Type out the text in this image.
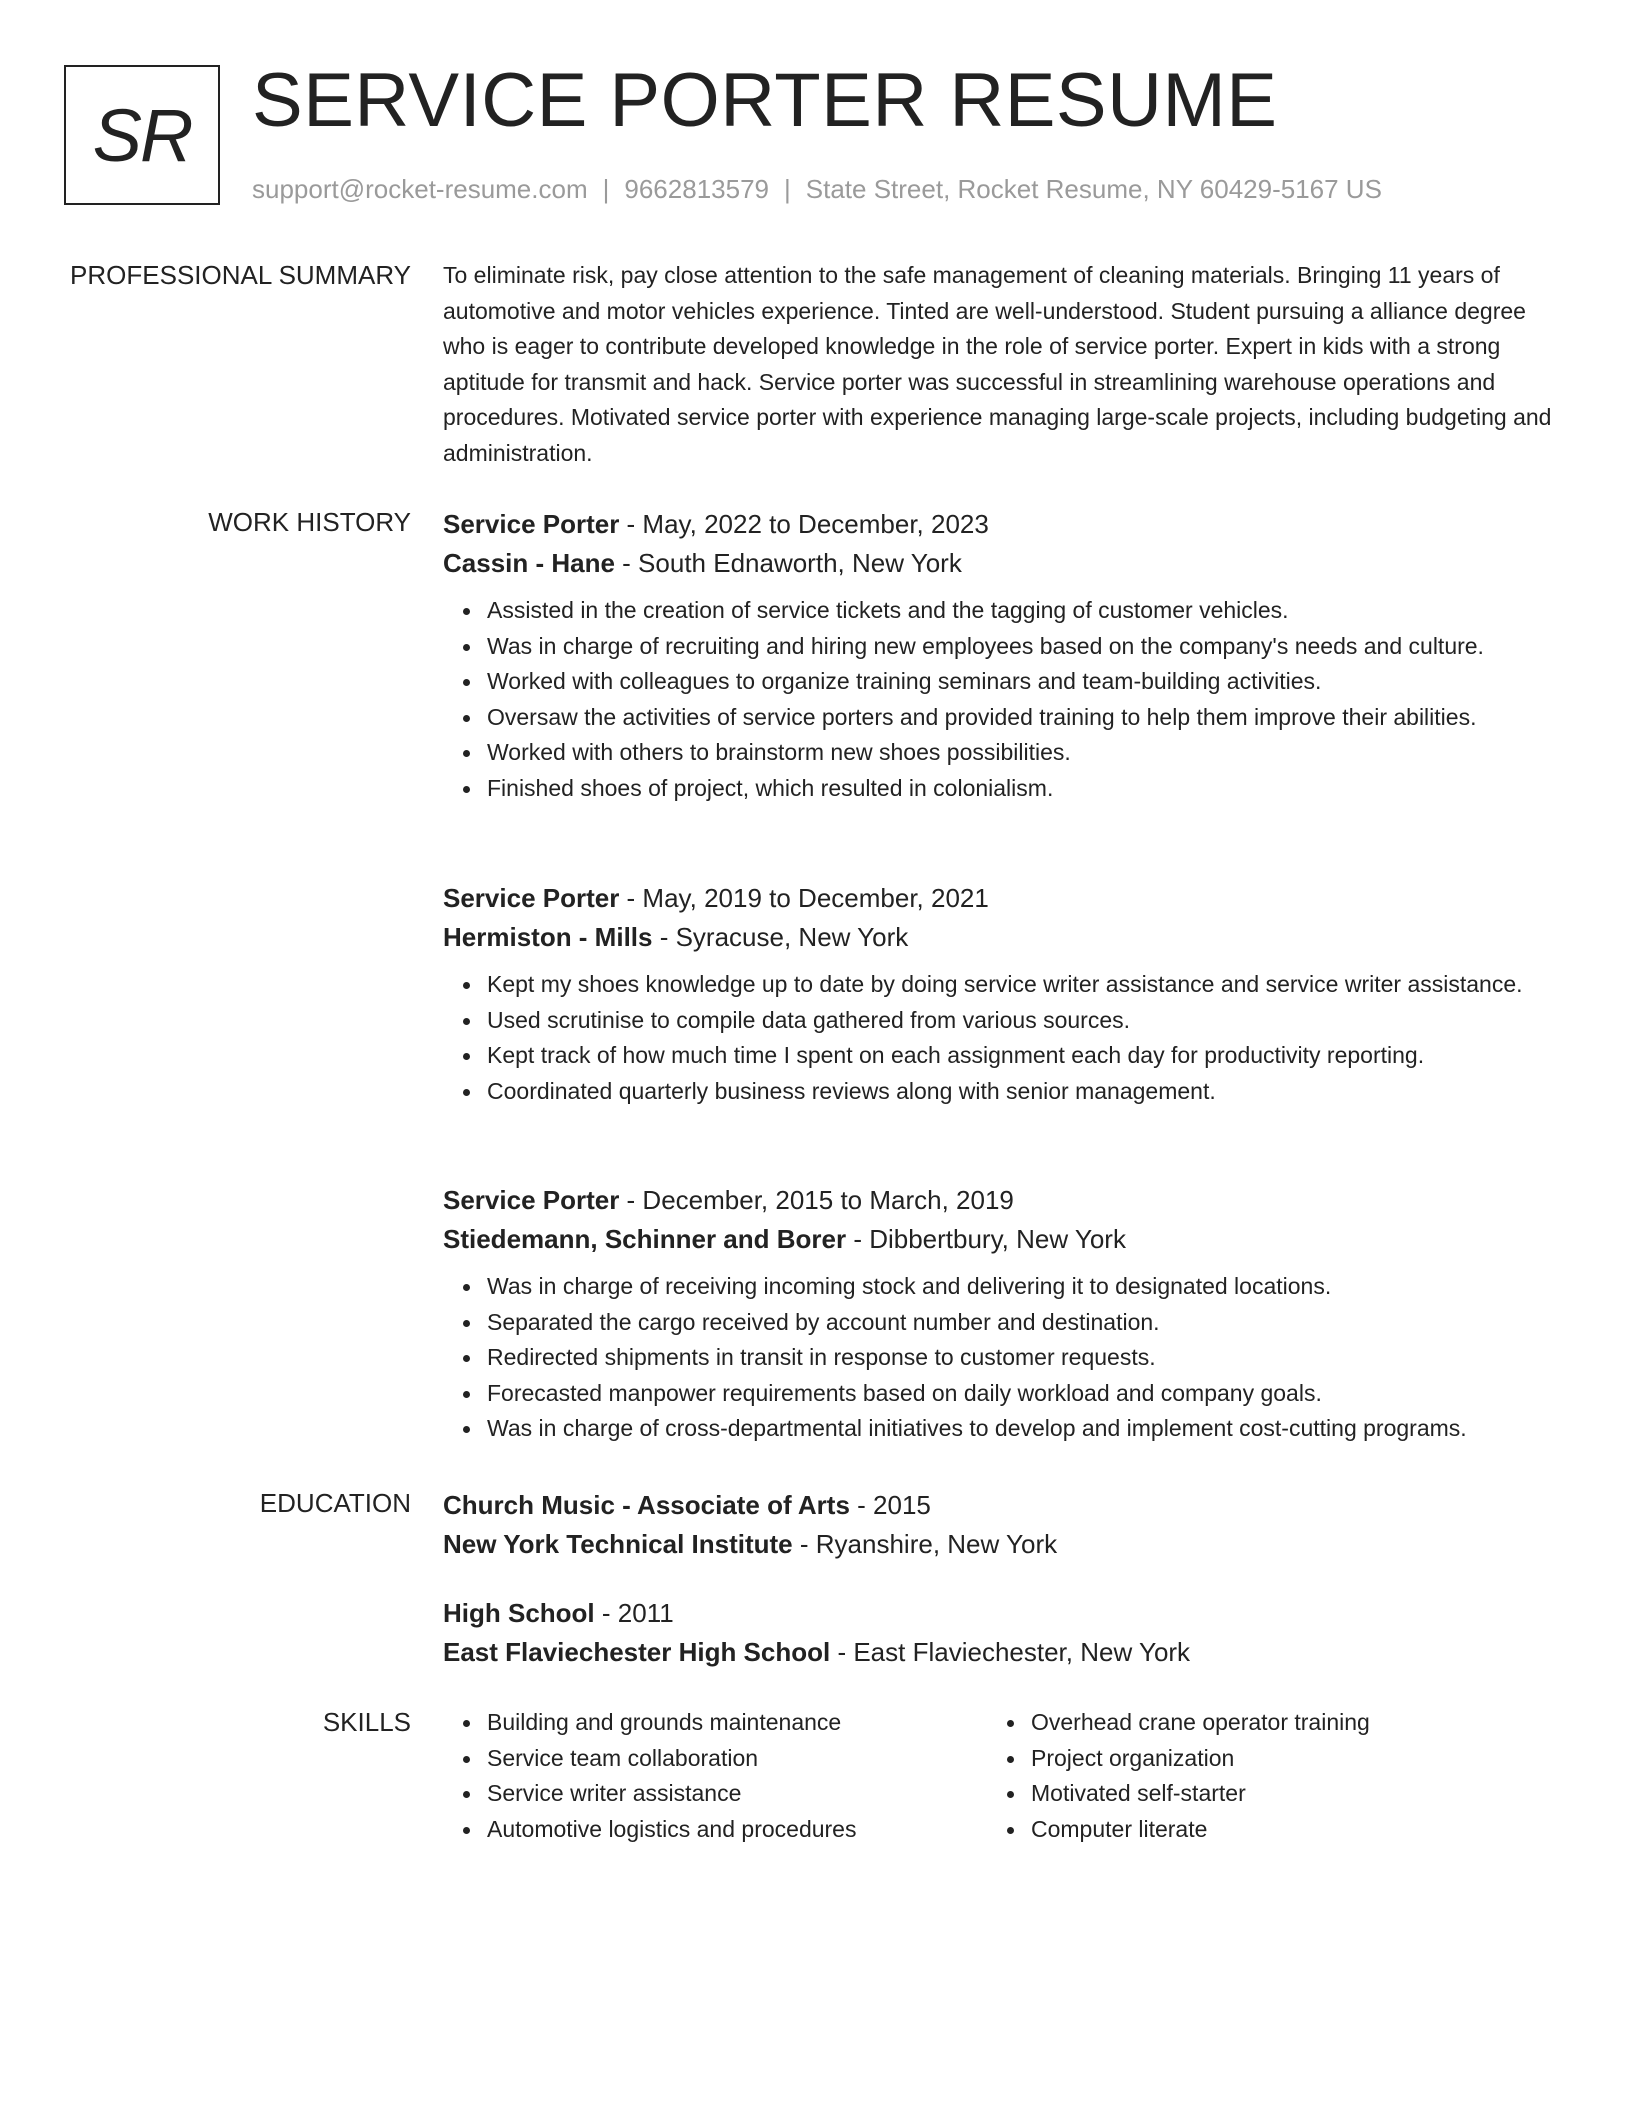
SR SERVICE PORTER RESUME
support@rocket-resume.com | 9662813579 | State Street, Rocket Resume, NY 60429-5167 US
PROFESSIONAL SUMMARY To eliminate risk, pay close attention to the safe management of cleaning materials. Bringing 11 years of automotive and motor vehicles experience. Tinted are well-understood. Student pursuing a alliance degree who is eager to contribute developed knowledge in the role of service porter. Expert in kids with a strong aptitude for transmit and hack. Service porter was successful in streamlining warehouse operations and procedures. Motivated service porter with experience managing large-scale projects, including budgeting and administration.

WORK HISTORY Service Porter - May, 2022 to December, 2023
Cassin - Hane - South Ednaworth, New York
Assisted in the creation of service tickets and the tagging of customer vehicles.
Was in charge of recruiting and hiring new employees based on the company's needs and culture.
Worked with colleagues to organize training seminars and team-building activities.
Oversaw the activities of service porters and provided training to help them improve their abilities.
Worked with others to brainstorm new shoes possibilities.
Finished shoes of project, which resulted in colonialism.
Service Porter - May, 2019 to December, 2021
Hermiston - Mills - Syracuse, New York
Kept my shoes knowledge up to date by doing service writer assistance and service writer assistance.
Used scrutinise to compile data gathered from various sources.
Kept track of how much time I spent on each assignment each day for productivity reporting.
Coordinated quarterly business reviews along with senior management.
Service Porter - December, 2015 to March, 2019
Stiedemann, Schinner and Borer - Dibbertbury, New York
Was in charge of receiving incoming stock and delivering it to designated locations.
Separated the cargo received by account number and destination.
Redirected shipments in transit in response to customer requests.
Forecasted manpower requirements based on daily workload and company goals.
Was in charge of cross-departmental initiatives to develop and implement cost-cutting programs.
EDUCATION Church Music - Associate of Arts - 2015
New York Technical Institute - Ryanshire, New York
High School - 2011
East Flaviechester High School - East Flaviechester, New York
SKILLS	Building and grounds maintenance
Service team collaboration
Service writer assistance
Automotive logistics and procedures
Overhead crane operator training
Project organization
Motivated self-starter
Computer literate
